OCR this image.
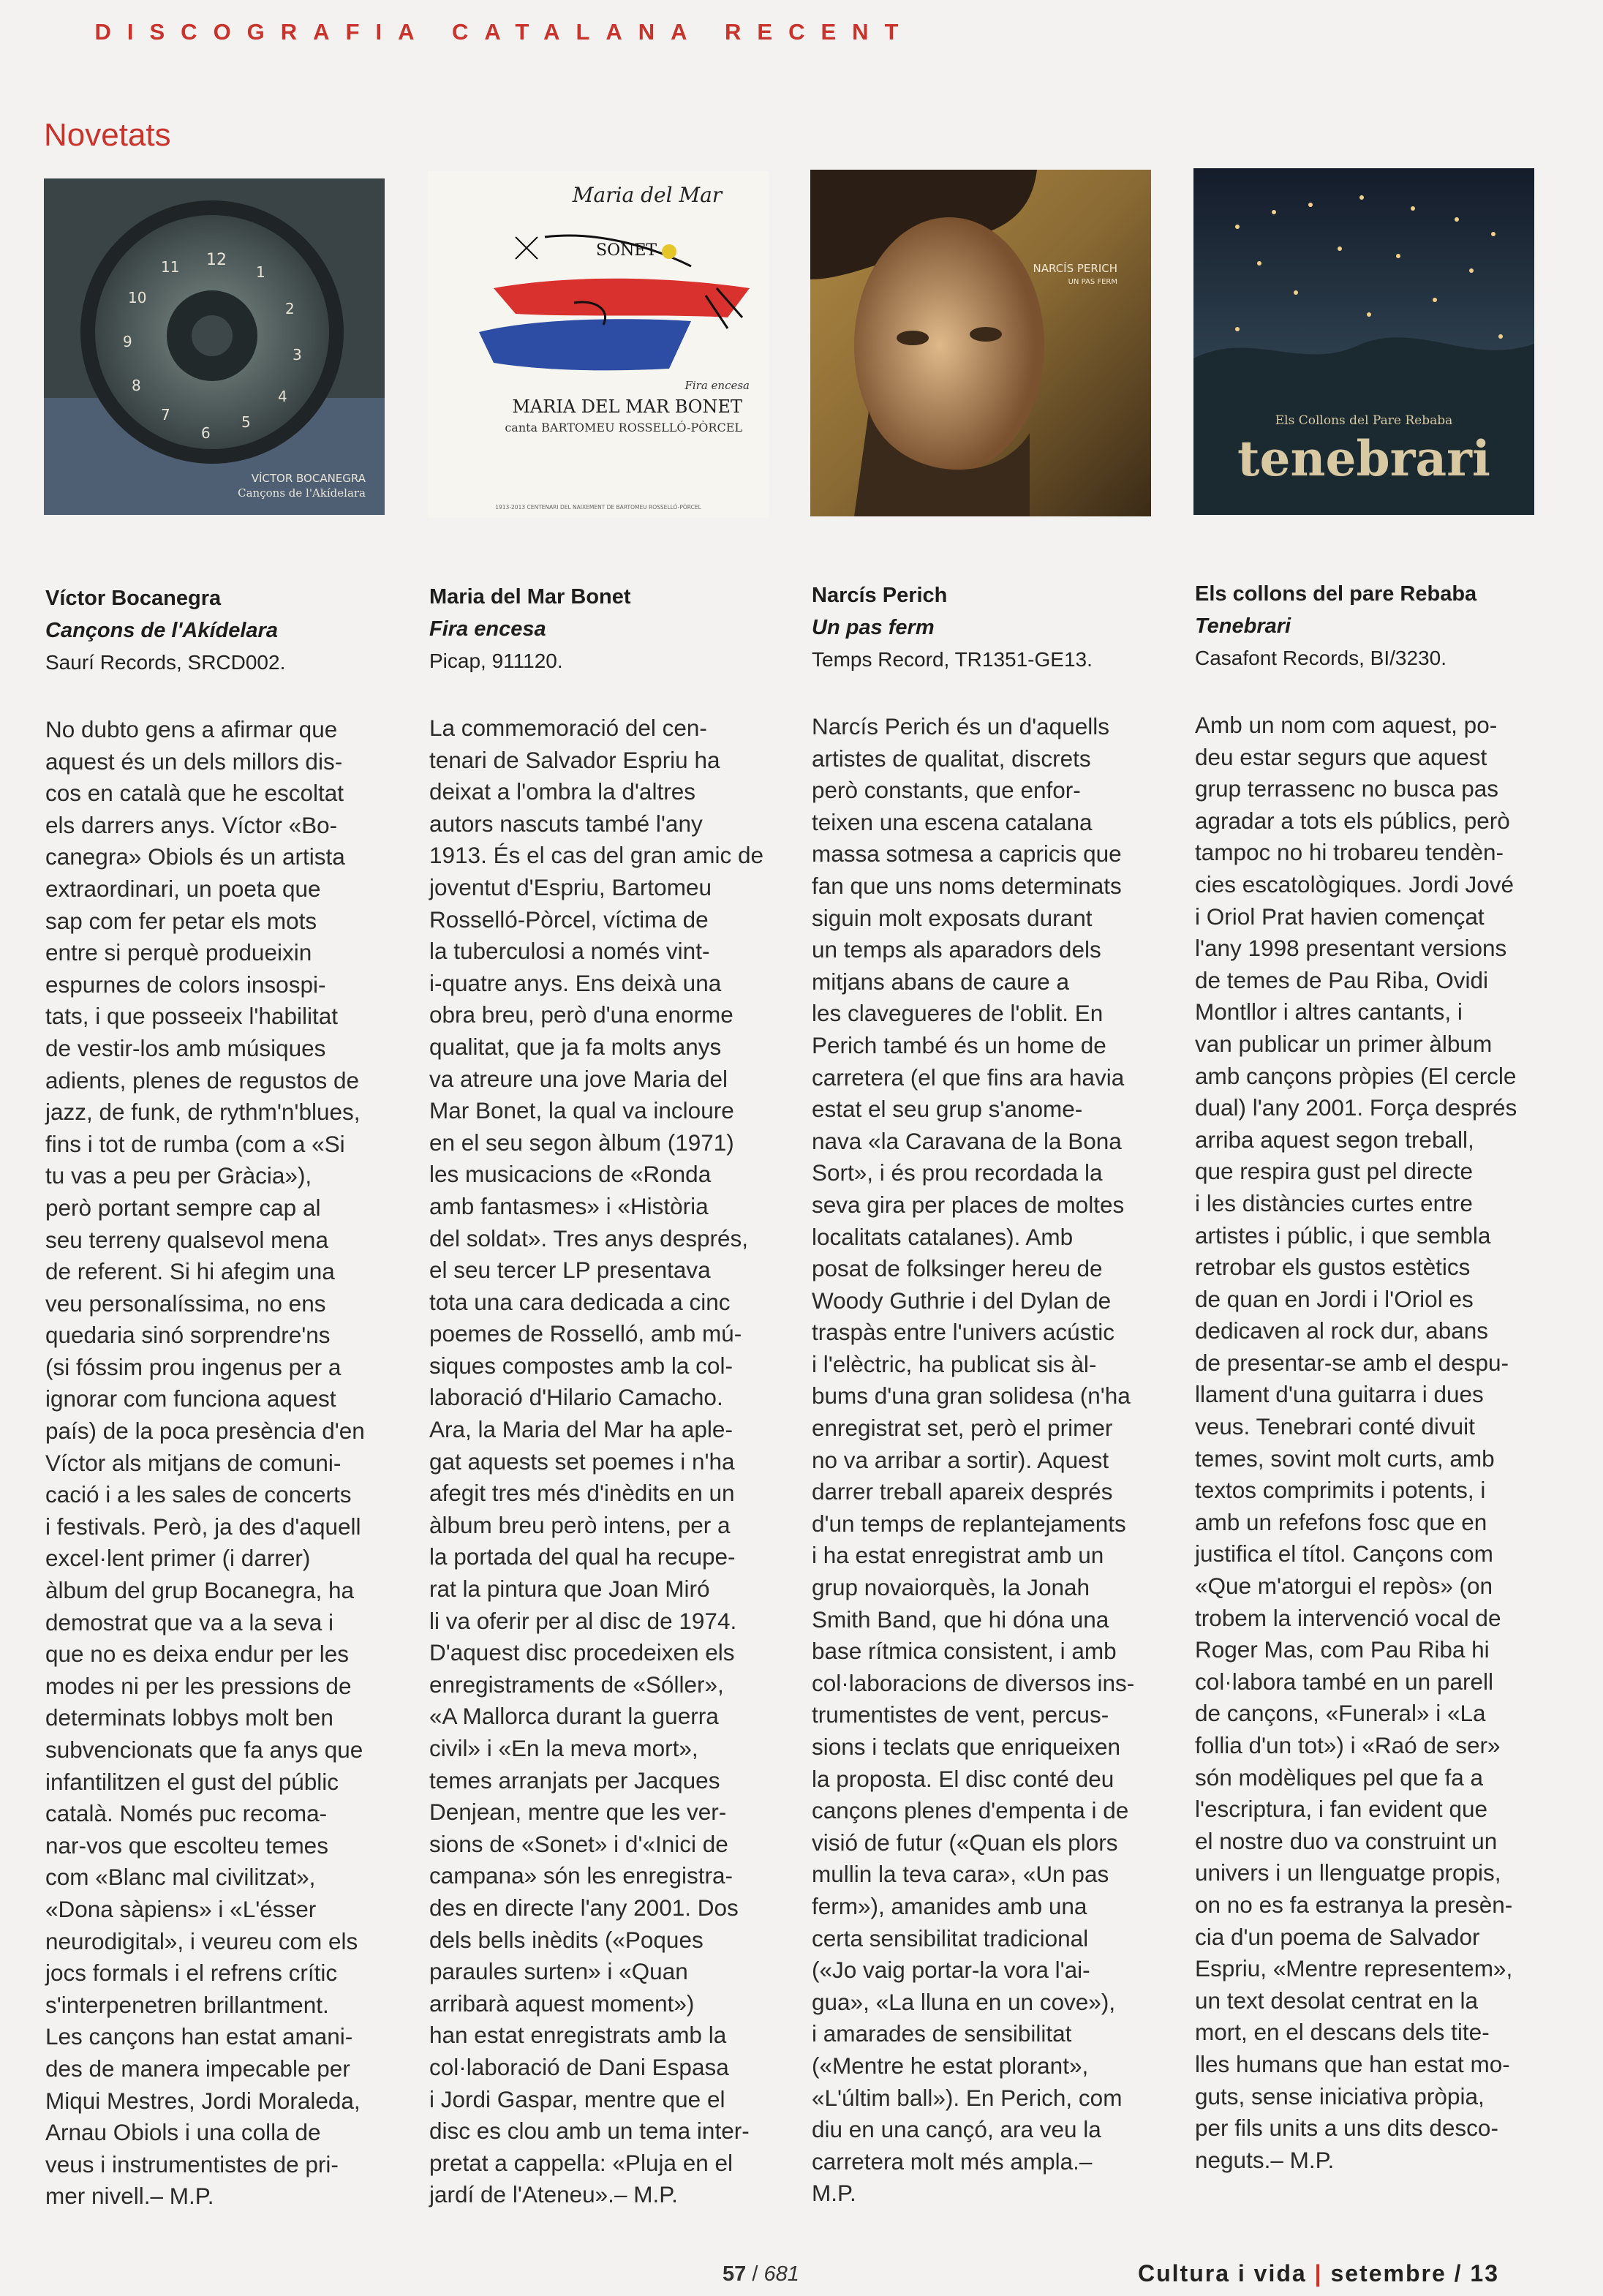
DISCOGRAFIA CATALANA RECENT
Novetats
12
1
2
3
4
5
6
7
8
9
10
11
VÍCTOR BOCANEGRA
Cançons de l'Akídelara
Maria del Mar
SONET
Fira encesa
MARIA DEL MAR BONET
canta BARTOMEU ROSSELLÓ-PÒRCEL
1913-2013 CENTENARI DEL NAIXEMENT DE BARTOMEU ROSSELLÓ-PÒRCEL
NARCÍS PERICH
UN PAS FERM
Els Collons del Pare Rebaba
tenebrari
Víctor Bocanegra
Cançons de l'Akídelara
Saurí Records, SRCD002.
No dubto gens a afirmar que
aquest és un dels millors dis-
cos en català que he escoltat
els darrers anys. Víctor «Bo-
canegra» Obiols és un artista
extraordinari, un poeta que
sap com fer petar els mots
entre si perquè produeixin
espurnes de colors insospi-
tats, i que posseeix l'habilitat
de vestir-los amb músiques
adients, plenes de regustos de
jazz, de funk, de rythm'n'blues,
fins i tot de rumba (com a «Si
tu vas a peu per Gràcia»),
però portant sempre cap al
seu terreny qualsevol mena
de referent. Si hi afegim una
veu personalíssima, no ens
quedaria sinó sorprendre'ns
(si fóssim prou ingenus per a
ignorar com funciona aquest
país) de la poca presència d'en
Víctor als mitjans de comuni-
cació i a les sales de concerts
i festivals. Però, ja des d'aquell
excel·lent primer (i darrer)
àlbum del grup Bocanegra, ha
demostrat que va a la seva i
que no es deixa endur per les
modes ni per les pressions de
determinats lobbys molt ben
subvencionats que fa anys que
infantilitzen el gust del públic
català. Només puc recoma-
nar-vos que escolteu temes
com «Blanc mal civilitzat»,
«Dona sàpiens» i «L'ésser
neurodigital», i veureu com els
jocs formals i el refrens crític
s'interpenetren brillantment.
Les cançons han estat amani-
des de manera impecable per
Miqui Mestres, Jordi Moraleda,
Arnau Obiols i una colla de
veus i instrumentistes de pri-
mer nivell.– M.P.
Maria del Mar Bonet
Fira encesa
Picap, 911120.
La commemoració del cen-
tenari de Salvador Espriu ha
deixat a l'ombra la d'altres
autors nascuts també l'any
1913. És el cas del gran amic de
joventut d'Espriu, Bartomeu
Rosselló-Pòrcel, víctima de
la tuberculosi a només vint-
i-quatre anys. Ens deixà una
obra breu, però d'una enorme
qualitat, que ja fa molts anys
va atreure una jove Maria del
Mar Bonet, la qual va incloure
en el seu segon àlbum (1971)
les musicacions de «Ronda
amb fantasmes» i «Història
del soldat». Tres anys després,
el seu tercer LP presentava
tota una cara dedicada a cinc
poemes de Rosselló, amb mú-
siques compostes amb la col-
laboració d'Hilario Camacho.
Ara, la Maria del Mar ha aple-
gat aquests set poemes i n'ha
afegit tres més d'inèdits en un
àlbum breu però intens, per a
la portada del qual ha recupe-
rat la pintura que Joan Miró
li va oferir per al disc de 1974.
D'aquest disc procedeixen els
enregistraments de «Sóller»,
«A Mallorca durant la guerra
civil» i «En la meva mort»,
temes arranjats per Jacques
Denjean, mentre que les ver-
sions de «Sonet» i d'«Inici de
campana» són les enregistra-
des en directe l'any 2001. Dos
dels bells inèdits («Poques
paraules surten» i «Quan
arribarà aquest moment»)
han estat enregistrats amb la
col·laboració de Dani Espasa
i Jordi Gaspar, mentre que el
disc es clou amb un tema inter-
pretat a cappella: «Pluja en el
jardí de l'Ateneu».– M.P.
Narcís Perich
Un pas ferm
Temps Record, TR1351-GE13.
Narcís Perich és un d'aquells
artistes de qualitat, discrets
però constants, que enfor-
teixen una escena catalana
massa sotmesa a capricis que
fan que uns noms determinats
siguin molt exposats durant
un temps als aparadors dels
mitjans abans de caure a
les clavegueres de l'oblit. En
Perich també és un home de
carretera (el que fins ara havia
estat el seu grup s'anome-
nava «la Caravana de la Bona
Sort», i és prou recordada la
seva gira per places de moltes
localitats catalanes). Amb
posat de folksinger hereu de
Woody Guthrie i del Dylan de
traspàs entre l'univers acústic
i l'elèctric, ha publicat sis àl-
bums d'una gran solidesa (n'ha
enregistrat set, però el primer
no va arribar a sortir). Aquest
darrer treball apareix després
d'un temps de replantejaments
i ha estat enregistrat amb un
grup novaiorquès, la Jonah
Smith Band, que hi dóna una
base rítmica consistent, i amb
col·laboracions de diversos ins-
trumentistes de vent, percus-
sions i teclats que enriqueixen
la proposta. El disc conté deu
cançons plenes d'empenta i de
visió de futur («Quan els plors
mullin la teva cara», «Un pas
ferm»), amanides amb una
certa sensibilitat tradicional
(«Jo vaig portar-la vora l'ai-
gua», «La lluna en un cove»),
i amarades de sensibilitat
(«Mentre he estat plorant»,
«L'últim ball»). En Perich, com
diu en una cançó, ara veu la
carretera molt més ampla.–
M.P.
Els collons del pare Rebaba
Tenebrari
Casafont Records, BI/3230.
Amb un nom com aquest, po-
deu estar segurs que aquest
grup terrassenc no busca pas
agradar a tots els públics, però
tampoc no hi trobareu tendèn-
cies escatològiques. Jordi Jové
i Oriol Prat havien començat
l'any 1998 presentant versions
de temes de Pau Riba, Ovidi
Montllor i altres cantants, i
van publicar un primer àlbum
amb cançons pròpies (El cercle
dual) l'any 2001. Força després
arriba aquest segon treball,
que respira gust pel directe
i les distàncies curtes entre
artistes i públic, i que sembla
retrobar els gustos estètics
de quan en Jordi i l'Oriol es
dedicaven al rock dur, abans
de presentar-se amb el despu-
llament d'una guitarra i dues
veus. Tenebrari conté divuit
temes, sovint molt curts, amb
textos comprimits i potents, i
amb un refefons fosc que en
justifica el títol. Cançons com
«Que m'atorgui el repòs» (on
trobem la intervenció vocal de
Roger Mas, com Pau Riba hi
col·labora també en un parell
de cançons, «Funeral» i «La
follia d'un tot») i «Raó de ser»
són modèliques pel que fa a
l'escriptura, i fan evident que
el nostre duo va construint un
univers i un llenguatge propis,
on no es fa estranya la presèn-
cia d'un poema de Salvador
Espriu, «Mentre representem»,
un text desolat centrat en la
mort, en el descans dels tite-
lles humans que han estat mo-
guts, sense iniciativa pròpia,
per fils units a uns dits desco-
neguts.– M.P.
57 / 681	Cultura i vida | setembre / 13
